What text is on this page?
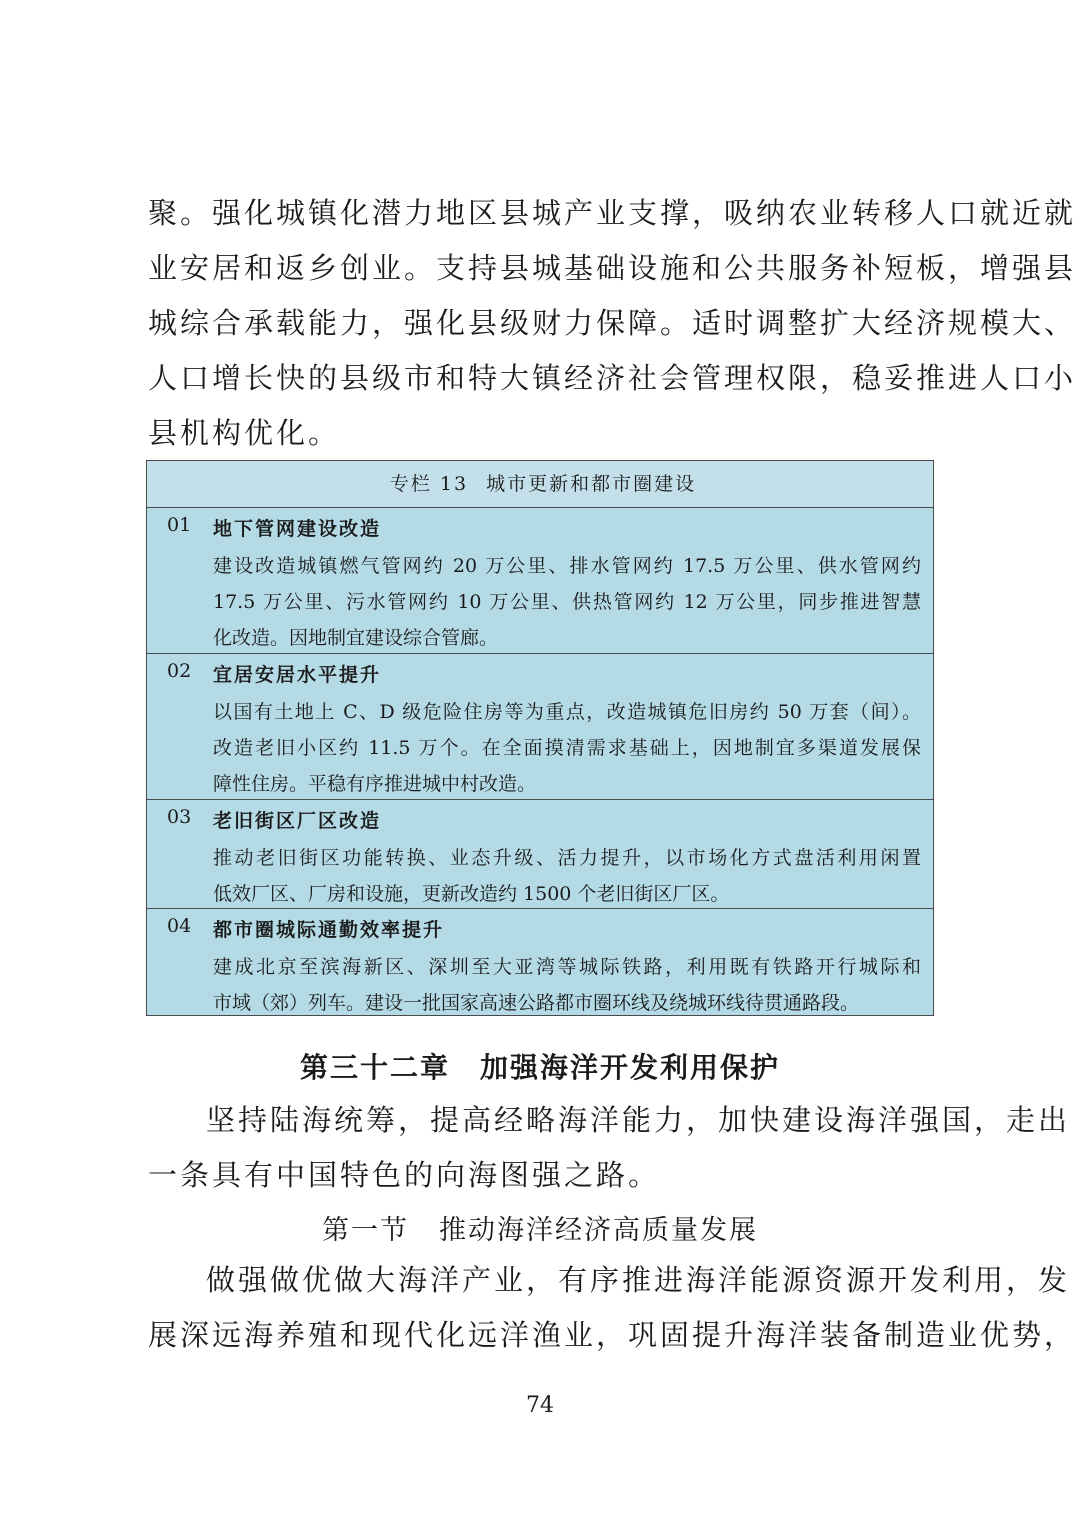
聚。强化城镇化潜力地区县城产业支撑，吸纳农业转移人口就近就
业安居和返乡创业。支持县城基础设施和公共服务补短板，增强县
城综合承载能力，强化县级财力保障。适时调整扩大经济规模大、
人口增长快的县级市和特大镇经济社会管理权限，稳妥推进人口小
县机构优化。
专栏 13 城市更新和都市圈建设
01 地下管网建设改造
建设改造城镇燃气管网约 20 万公里、排水管网约 17.5 万公里、供水管网约
17.5 万公里、污水管网约 10 万公里、供热管网约 12 万公里，同步推进智慧
化改造。因地制宜建设综合管廊。
02 宜居安居水平提升
以国有土地上 C、D 级危险住房等为重点，改造城镇危旧房约 50 万套（间）。
改造老旧小区约 11.5 万个。在全面摸清需求基础上，因地制宜多渠道发展保
障性住房。平稳有序推进城中村改造。
03 老旧街区厂区改造
推动老旧街区功能转换、业态升级、活力提升，以市场化方式盘活利用闲置
低效厂区、厂房和设施，更新改造约 1500 个老旧街区厂区。
04 都市圈城际通勤效率提升
建成北京至滨海新区、深圳至大亚湾等城际铁路，利用既有铁路开行城际和
市域（郊）列车。建设一批国家高速公路都市圈环线及绕城环线待贯通路段。
第三十二章 加强海洋开发利用保护
坚持陆海统筹，提高经略海洋能力，加快建设海洋强国，走出
一条具有中国特色的向海图强之路。
第一节 推动海洋经济高质量发展
做强做优做大海洋产业，有序推进海洋能源资源开发利用，发
展深远海养殖和现代化远洋渔业，巩固提升海洋装备制造业优势，
74
